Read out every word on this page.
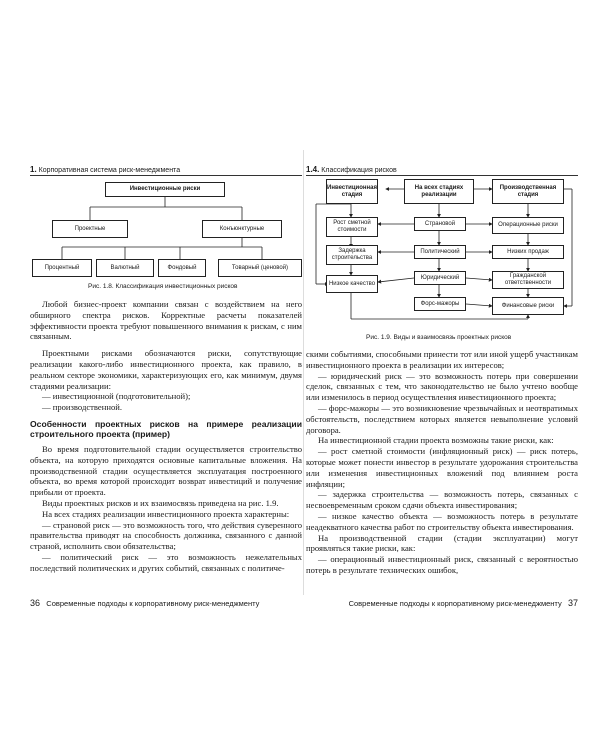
1. Корпоративная система риск-менеджмента
Инвестиционные риски
Проектные	Конъюнктурные
Процентный	Валютный	Фондовый	Товарный (ценовой)
Рис. 1.8. Классификация инвестиционных рисков

Любой бизнес-проект компании связан с воздействием на него обширного спектра рисков. Корректные расчеты показателей эффективности проекта требуют повышенного внимания к рискам, с ним связанным.

Проектными рисками обозначаются риски, сопутствующие реализации какого-либо инвестиционного проекта, как правило, в реальном секторе экономики, характеризующих его, как минимум, двумя стадиями реализации:

— инвестиционной (подготовительной);

— производственной.

Особенности проектных рисков на примере реализации строительного проекта (пример)

Во время подготовительной стадии осуществляется строительство объекта, на которую приходятся основные капитальные вложения. На производственной стадии осуществляется эксплуатация построенного объекта, во время которой происходит возврат инвестиций и получение прибыли от проекта.

Виды проектных рисков и их взаимосвязь приведена на рис. 1.9.

На всех стадиях реализации инвестиционного проекта характерны:

— страновой риск — это возможность того, что действия суверенного правительства приводят на способность должника, связанного с данной страной, исполнить свои обязательства;

— политический риск — это возможность нежелательных последствий политических и других событий, связанных с политиче-

36 Современные подходы к корпоративному риск-менеджменту
1.4. Классификация рисков
Инвестиционная стадия
На всех стадиях реализации
Производственная стадия
Рост сметной стоимости
Задержка строительства
Низкое качество
Страновой
Политический
Юридический
Форс-мажоры
Операционные риски
Низких продаж
Гражданской ответственности
Финансовые риски
Рис. 1.9. Виды и взаимосвязь проектных рисков

скими событиями, способными принести тот или иной ущерб участникам инвестиционного проекта в реализации их интересов;

— юридический риск — это возможность потерь при совершении сделок, связанных с тем, что законодательство не было учтено вообще или изменилось в период осуществления инвестиционного проекта;

— форс-мажоры — это возникновение чрезвычайных и неотвратимых обстоятельств, последствием которых является невыполнение условий договора.

На инвестиционной стадии проекта возможны такие риски, как:

— рост сметной стоимости (инфляционный риск) — риск потерь, которые может понести инвестор в результате удорожания строительства или изменения инвестиционных вложений под влиянием роста инфляции;

— задержка строительства — возможность потерь, связанных с несвоевременным сроком сдачи объекта инвестирования;

— низкое качество объекта — возможность потерь в результате неадекватного качества работ по строительству объекта инвестирования.

На производственной стадии (стадии эксплуатации) могут проявляться такие риски, как:

— операционный инвестиционный риск, связанный с вероятностью потерь в результате технических ошибок,

Современные подходы к корпоративному риск-менеджменту 37
